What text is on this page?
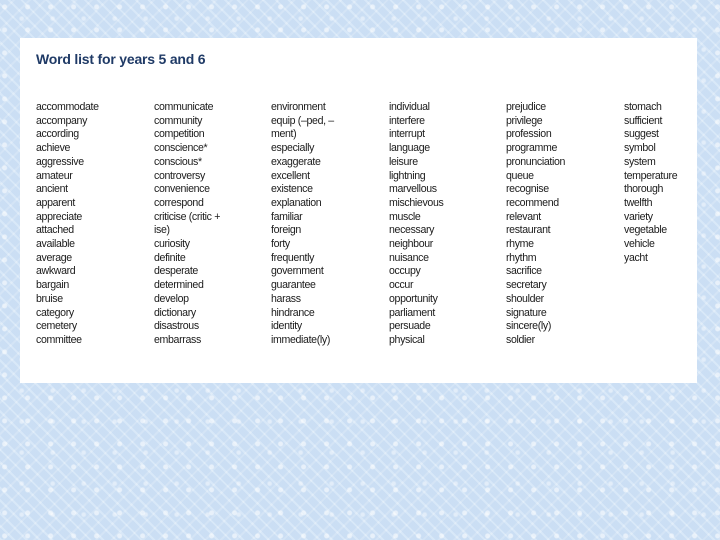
Word list for years 5 and 6
accommodate
accompany
according
achieve
aggressive
amateur
ancient
apparent
appreciate
attached
available
average
awkward
bargain
bruise
category
cemetery
committee
communicate
community
competition
conscience*
conscious*
controversy
convenience
correspond
criticise (critic +
ise)
curiosity
definite
desperate
determined
develop
dictionary
disastrous
embarrass
environment
equip (–ped, –
ment)
especially
exaggerate
excellent
existence
explanation
familiar
foreign
forty
frequently
government
guarantee
harass
hindrance
identity
immediate(ly)
individual
interfere
interrupt
language
leisure
lightning
marvellous
mischievous
muscle
necessary
neighbour
nuisance
occupy
occur
opportunity
parliament
persuade
physical
prejudice
privilege
profession
programme
pronunciation
queue
recognise
recommend
relevant
restaurant
rhyme
rhythm
sacrifice
secretary
shoulder
signature
sincere(ly)
soldier
stomach
sufficient
suggest
symbol
system
temperature
thorough
twelfth
variety
vegetable
vehicle
yacht
